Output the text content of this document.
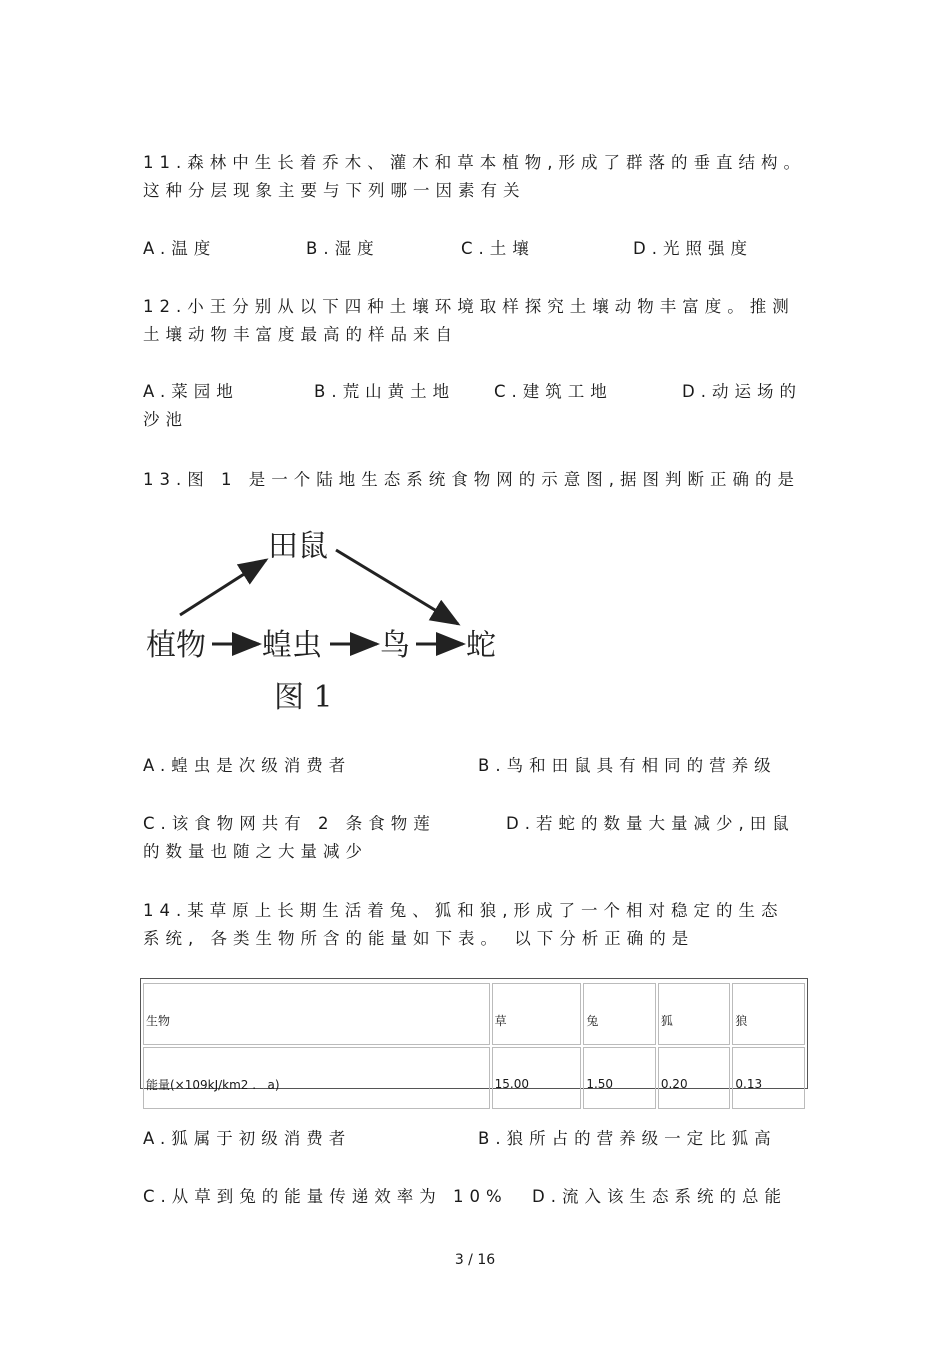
11.森林中生长着乔木、灌木和草本植物,形成了群落的垂直结构。
这种分层现象主要与下列哪一因素有关
A.温度	B.湿度	C.土壤	D.光照强度
12.小王分别从以下四种土壤环境取样探究土壤动物丰富度。推测
土壤动物丰富度最高的样品来自
A.菜园地	B.荒山黄土地 C.建筑工地	D.动运场的
沙池
13.图 1 是一个陆地生态系统食物网的示意图,据图判断正确的是
田鼠
植物 蝗虫 鸟 蛇
图 1
A.蝗虫是次级消费者	B.鸟和田鼠具有相同的营养级
C.该食物网共有 2 条食物莲	D.若蛇的数量大量减少,田鼠
的数量也随之大量减少
14.某草原上长期生活着兔、狐和狼,形成了一个相对稳定的生态
系统, 各类生物所含的能量如下表。 以下分析正确的是
生物	草	兔	狐	狼
能量(×109kJ/km2 .   a)	15.00	1.50	0.20	0.13
A.狐属于初级消费者	B.狼所占的营养级一定比狐高
C.从草到兔的能量传递效率为 10% D.流入该生态系统的总能
3 / 16
